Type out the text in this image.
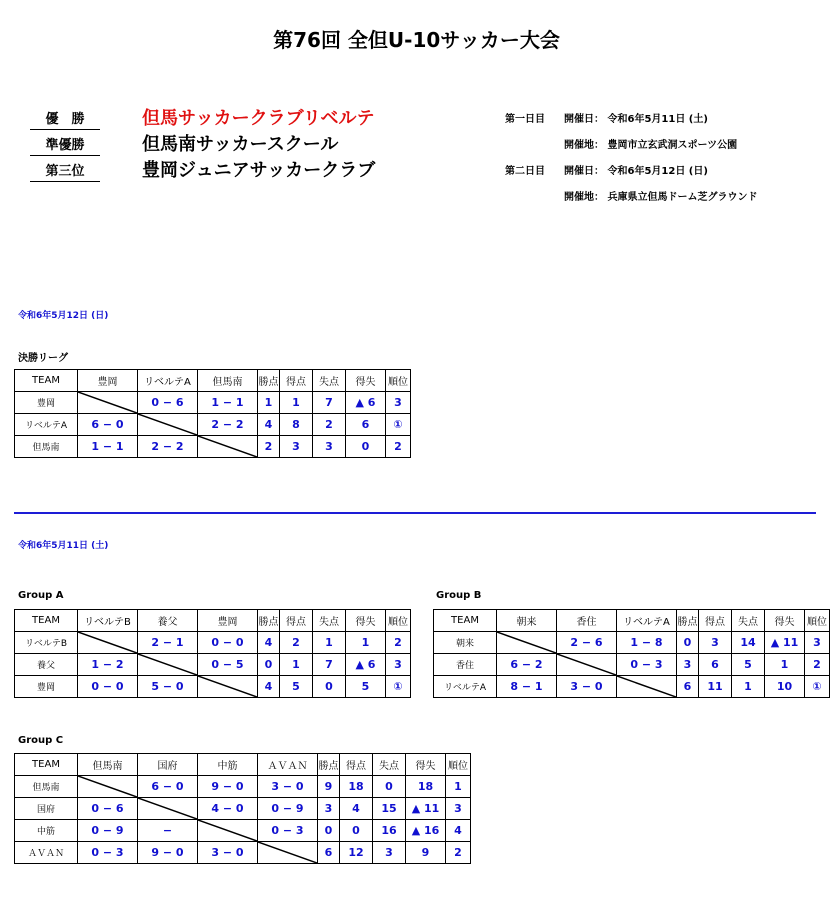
第76回 全但U-10サッカー大会
優　勝	但馬サッカークラブリベルテ
準優勝	但馬南サッカースクール
第三位	豊岡ジュニアサッカークラブ
第一日目 開催日： 令和6年5月11日 (土)
開催地： 豊岡市立玄武洞スポーツ公園
第二日目 開催日： 令和6年5月12日 (日)
開催地： 兵庫県立但馬ドーム芝グラウンド
令和6年5月12日 (日)
決勝リーグ
TEAM	豊岡	リベルテA	但馬南	勝点	得点	失点	得失	順位
豊岡		0 − 6	1 − 1	1	1	7	▲ 6	3
リベルテA	6 − 0		2 − 2	4	8	2	6	①
但馬南	1 − 1	2 − 2		2	3	3	0	2
令和6年5月11日 (土)
Group A
TEAM	リベルテB	養父	豊岡	勝点	得点	失点	得失	順位
リベルテB		2 − 1	0 − 0	4	2	1	1	2
養父	1 − 2		0 − 5	0	1	7	▲ 6	3
豊岡	0 − 0	5 − 0		4	5	0	5	①
Group B
TEAM	朝来	香住	リベルテA	勝点	得点	失点	得失	順位
朝来		2 − 6	1 − 8	0	3	14	▲ 11	3
香住	6 − 2		0 − 3	3	6	5	1	2
リベルテA	8 − 1	3 − 0		6	11	1	10	①
Group C
TEAM	但馬南	国府	中筋	ＡＶＡＮ	勝点	得点	失点	得失	順位
但馬南		6 − 0	9 − 0	3 − 0	9	18	0	18	1
国府	0 − 6		4 − 0	0 − 9	3	4	15	▲ 11	3
中筋	0 − 9	−		0 − 3	0	0	16	▲ 16	4
ＡＶＡＮ	0 − 3	9 − 0	3 − 0		6	12	3	9	2
